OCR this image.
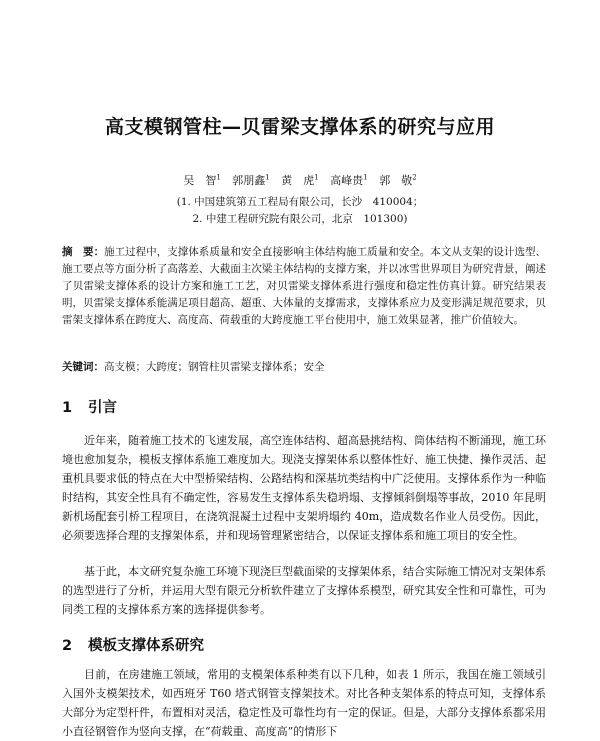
高支模钢管柱—贝雷梁支撑体系的研究与应用
吴　智$^1$ 郭朋鑫$^1$ 黄　虎$^1$ 高峰贵$^1$ 郭　敬$^2$
(1. 中国建筑第五工程局有限公司，长沙　410004；
2. 中建工程研究院有限公司，北京　101300)
摘　要：施工过程中，支撑体系质量和安全直接影响主体结构施工质量和安全。本文从支架的设计选型、施工要点等方面分析了高落差、大截面主次梁主体结构的支撑方案，并以冰雪世界项目为研究背景，阐述了贝雷梁支撑体系的设计方案和施工工艺，对贝雷梁支撑体系进行强度和稳定性仿真计算。研究结果表明，贝雷梁支撑体系能满足项目超高、超重、大体量的支撑需求，支撑体系应力及变形满足规范要求，贝雷架支撑体系在跨度大、高度高、荷载重的大跨度施工平台使用中，施工效果显著，推广价值较大。
关键词：高支模；大跨度；钢管柱贝雷梁支撑体系；安全
1 引言

近年来，随着施工技术的飞速发展，高空连体结构、超高悬挑结构、筒体结构不断涌现，施工环境也愈加复杂，模板支撑体系施工难度加大。现浇支撑架体系以整体性好、施工快捷、操作灵活、起重机具要求低的特点在大中型桥梁结构、公路结构和深基坑类结构中广泛使用。支撑体系作为一种临时结构，其安全性具有不确定性，容易发生支撑体系失稳坍塌、支撑倾斜倒塌等事故，2010 年昆明新机场配套引桥工程项目，在浇筑混凝土过程中支架坍塌约 40m，造成数名作业人员受伤。因此，必须要选择合理的支撑架体系，并和现场管理紧密结合，以保证支撑体系和施工项目的安全性。

基于此，本文研究复杂施工环境下现浇巨型截面梁的支撑架体系，结合实际施工情况对支架体系的选型进行了分析，并运用大型有限元分析软件建立了支撑体系模型，研究其安全性和可靠性，可为同类工程的支撑体系方案的选择提供参考。

2 模板支撑体系研究

目前，在房建施工领域，常用的支模架体系种类有以下几种，如表 1 所示，我国在施工领域引入国外支模架技术，如西班牙 T60 塔式钢管支撑架技术。对比各种支架体系的特点可知，支撑体系大部分为定型杆件，布置相对灵活，稳定性及可靠性均有一定的保证。但是，大部分支撑体系都采用小直径钢管作为竖向支撑，在“荷载重、高度高”的情形下
